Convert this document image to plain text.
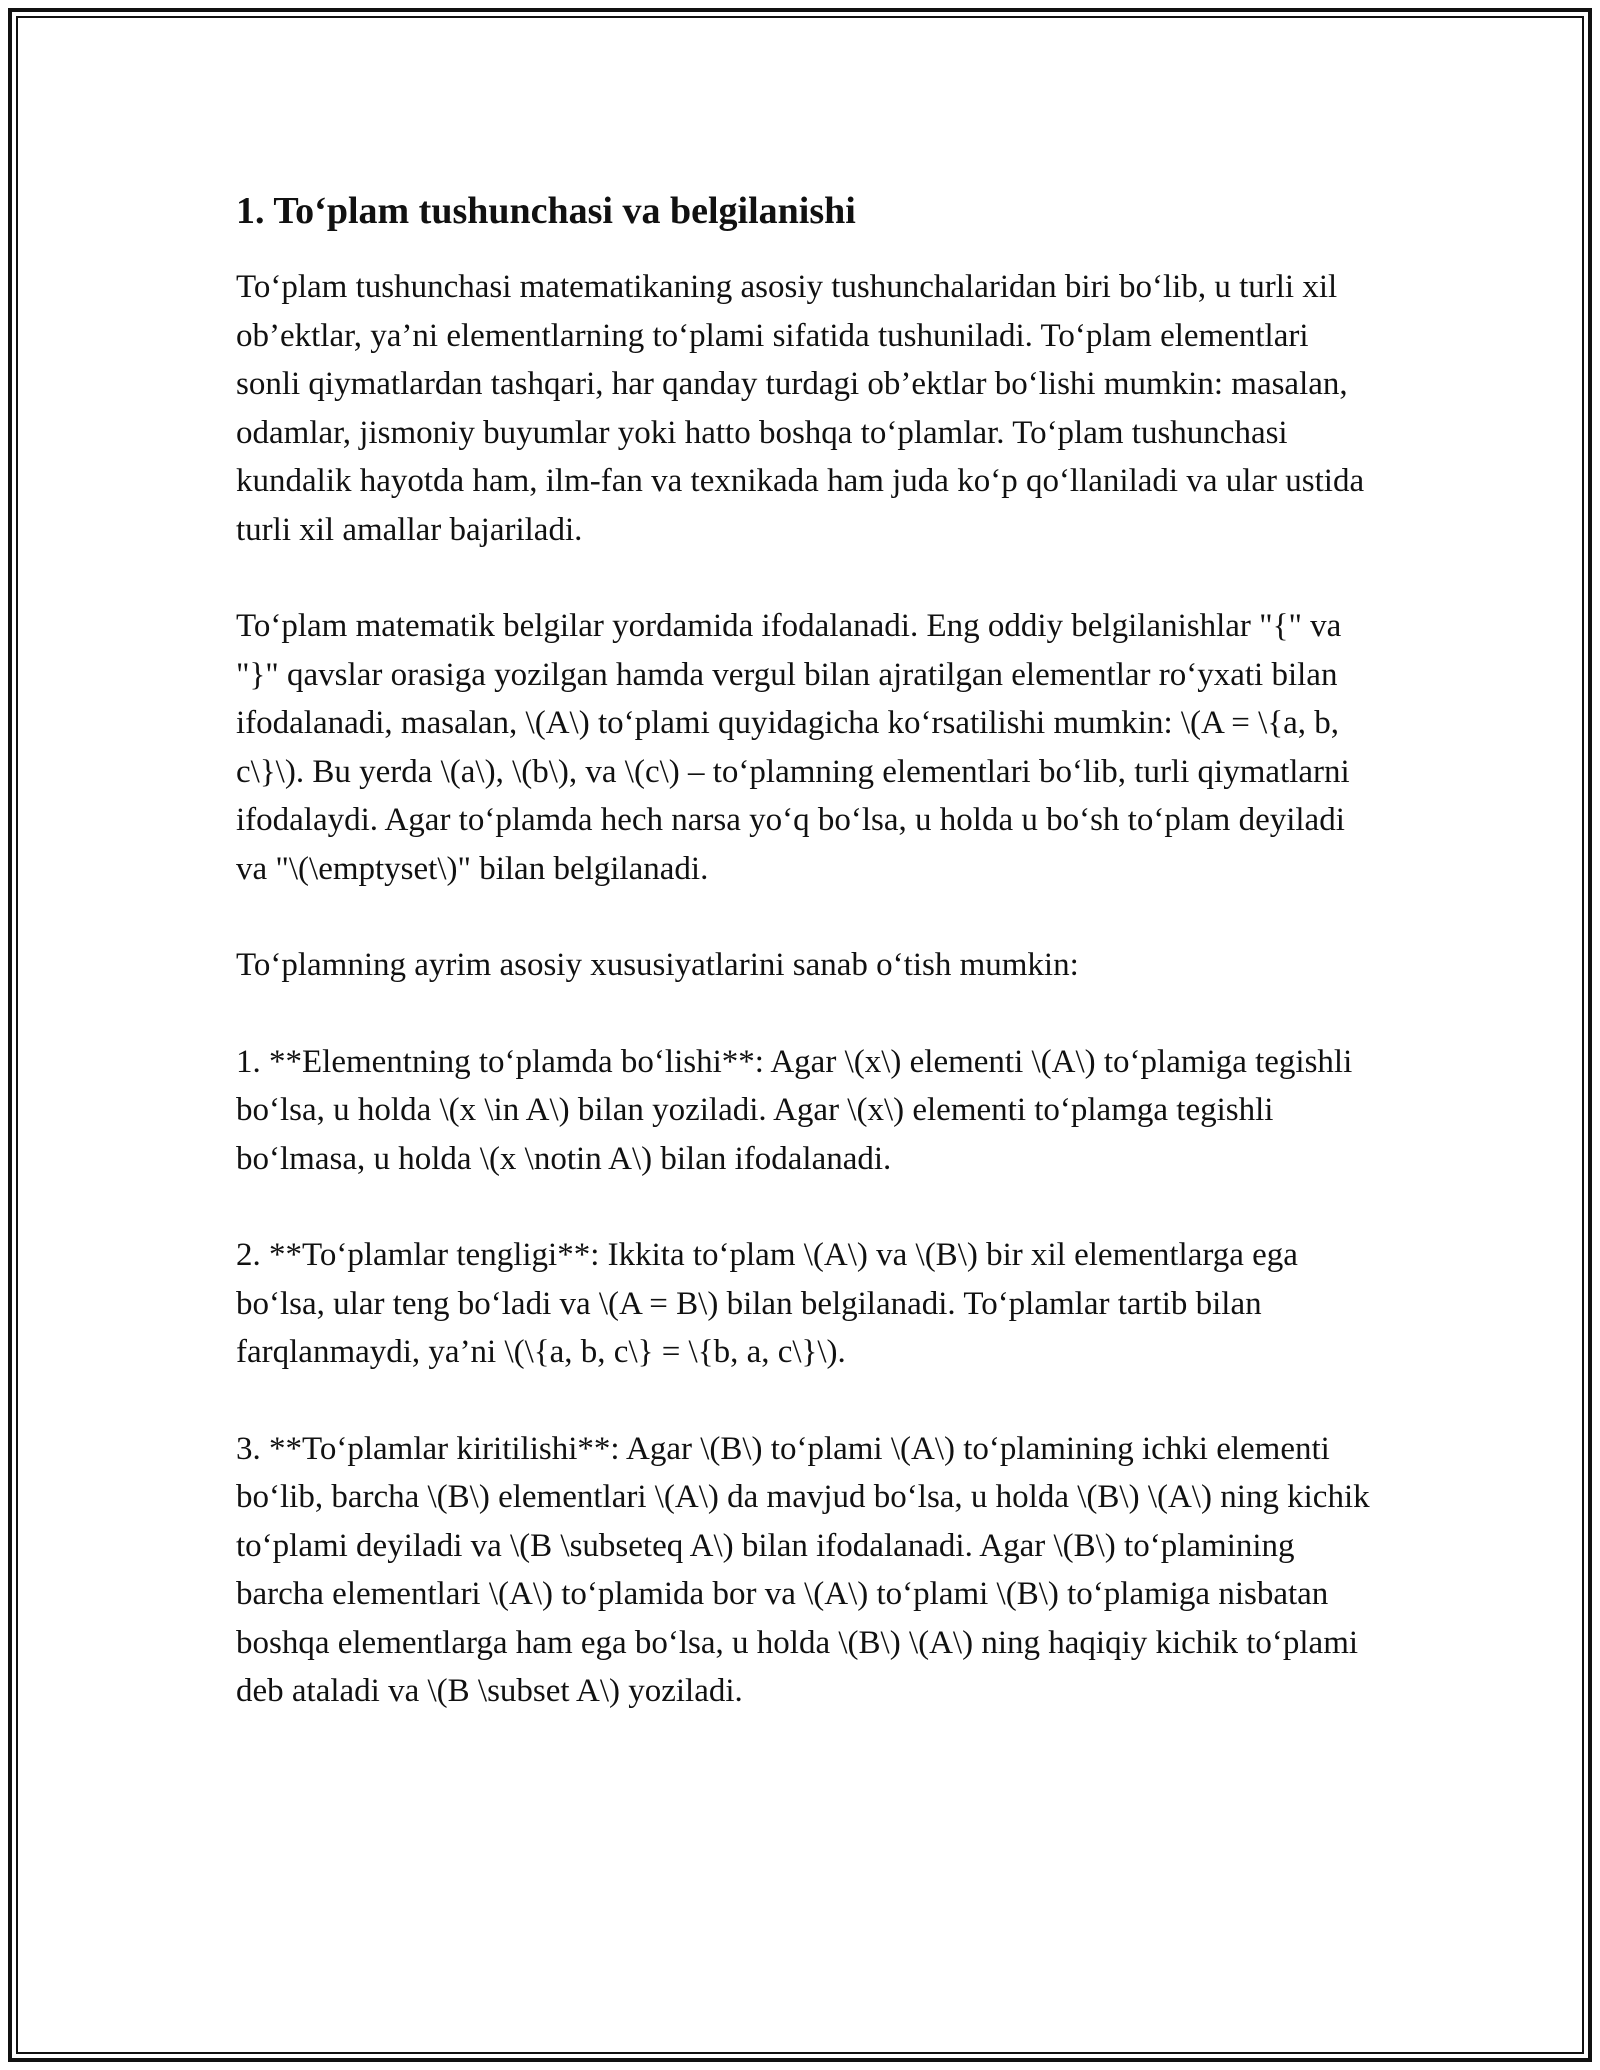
1. To‘plam tushunchasi va belgilanishi

To‘plam tushunchasi matematikaning asosiy tushunchalaridan biri bo‘lib, u turli xil ob’ektlar, ya’ni elementlarning to‘plami sifatida tushuniladi. To‘plam elementlari sonli qiymatlardan tashqari, har qanday turdagi ob’ektlar bo‘lishi mumkin: masalan, odamlar, jismoniy buyumlar yoki hatto boshqa to‘plamlar. To‘plam tushunchasi kundalik hayotda ham, ilm-fan va texnikada ham juda ko‘p qo‘llaniladi va ular ustida turli xil amallar bajariladi.

To‘plam matematik belgilar yordamida ifodalanadi. Eng oddiy belgilanishlar "{" va "}" qavslar orasiga yozilgan hamda vergul bilan ajratilgan elementlar ro‘yxati bilan ifodalanadi, masalan, \(A\) to‘plami quyidagicha ko‘rsatilishi mumkin: \(A = \{a, b, c\}\). Bu yerda \(a\), \(b\), va \(c\) – to‘plamning elementlari bo‘lib, turli qiymatlarni ifodalaydi. Agar to‘plamda hech narsa yo‘q bo‘lsa, u holda u bo‘sh to‘plam deyiladi va "\(\emptyset\)" bilan belgilanadi.

To‘plamning ayrim asosiy xususiyatlarini sanab o‘tish mumkin:

1. **Elementning to‘plamda bo‘lishi**: Agar \(x\) elementi \(A\) to‘plamiga tegishli bo‘lsa, u holda \(x \in A\) bilan yoziladi. Agar \(x\) elementi to‘plamga tegishli bo‘lmasa, u holda \(x \notin A\) bilan ifodalanadi.

2. **To‘plamlar tengligi**: Ikkita to‘plam \(A\) va \(B\) bir xil elementlarga ega bo‘lsa, ular teng bo‘ladi va \(A = B\) bilan belgilanadi. To‘plamlar tartib bilan farqlanmaydi, ya’ni \(\{a, b, c\} = \{b, a, c\}\).

3. **To‘plamlar kiritilishi**: Agar \(B\) to‘plami \(A\) to‘plamining ichki elementi bo‘lib, barcha \(B\) elementlari \(A\) da mavjud bo‘lsa, u holda \(B\) \(A\) ning kichik to‘plami deyiladi va \(B \subseteq A\) bilan ifodalanadi. Agar \(B\) to‘plamining barcha elementlari \(A\) to‘plamida bor va \(A\) to‘plami \(B\) to‘plamiga nisbatan boshqa elementlarga ham ega bo‘lsa, u holda \(B\) \(A\) ning haqiqiy kichik to‘plami deb ataladi va \(B \subset A\) yoziladi.
